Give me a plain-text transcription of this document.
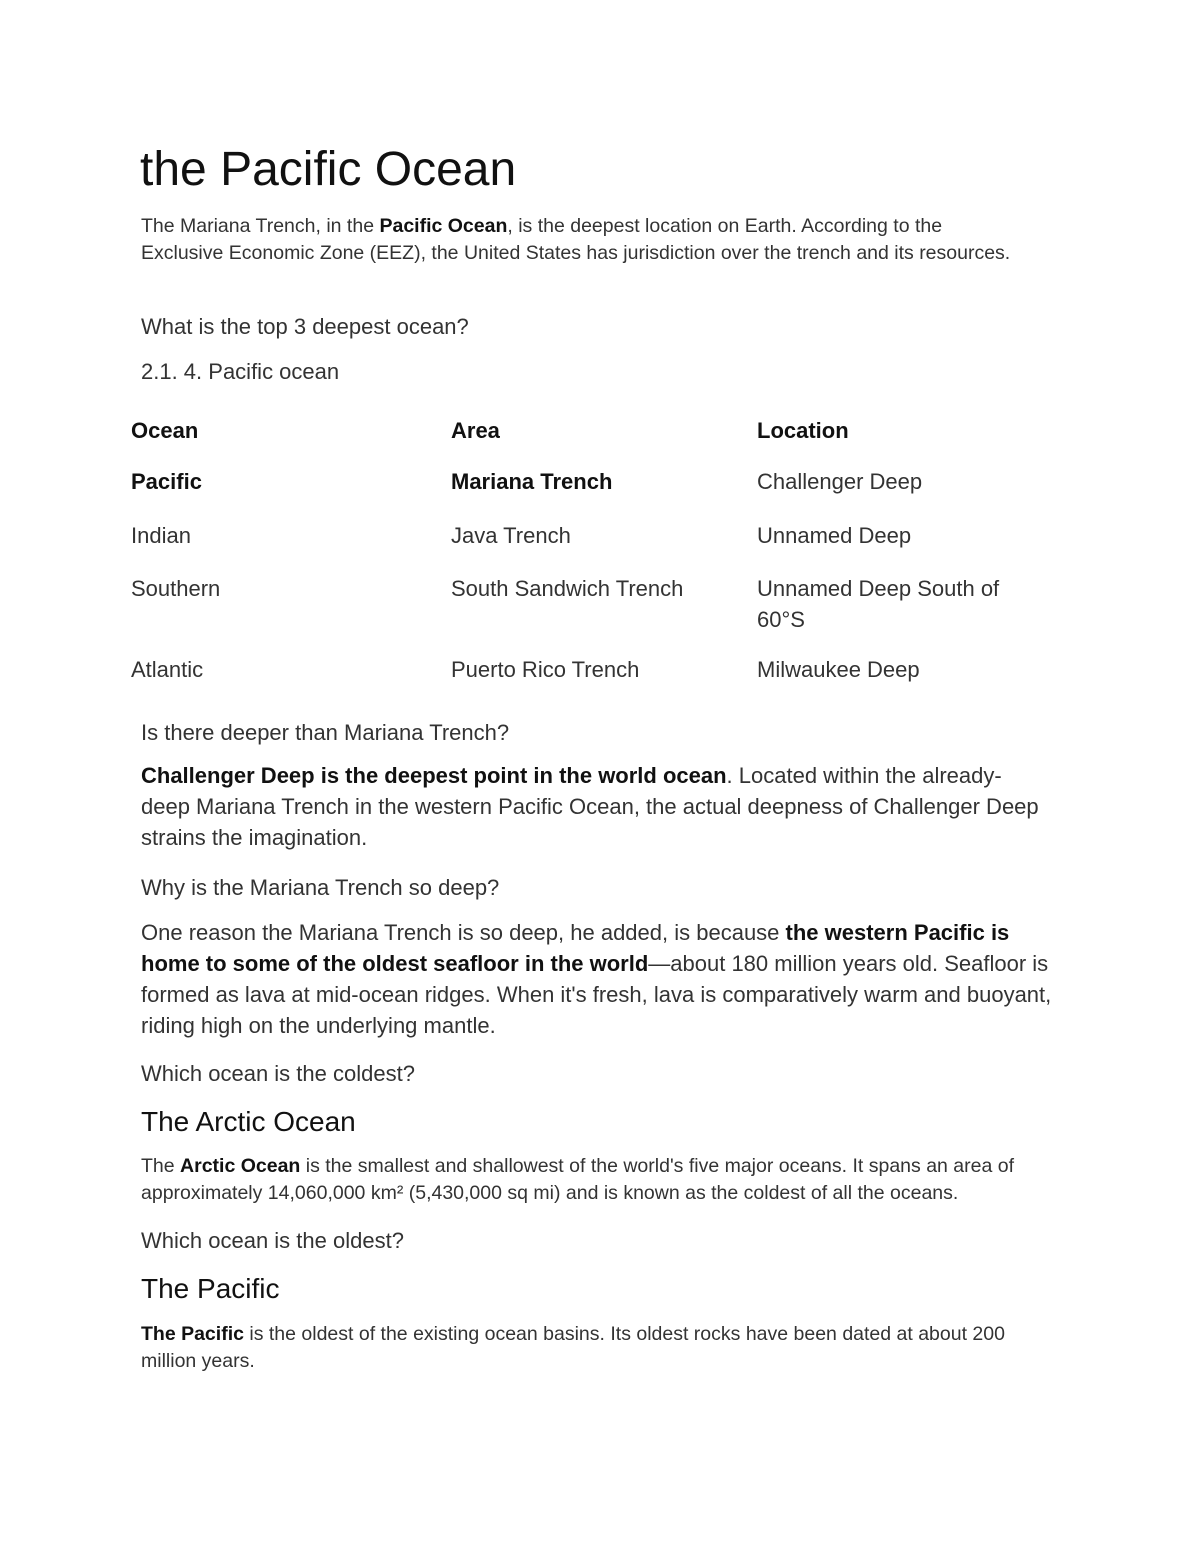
the Pacific Ocean

The Mariana Trench, in the Pacific Ocean, is the deepest location on Earth. According to the Exclusive Economic Zone (EEZ), the United States has jurisdiction over the trench and its resources.

What is the top 3 deepest ocean?

2.1. 4. Pacific ocean

Ocean	Area	Location
Pacific	Mariana Trench	Challenger Deep
Indian	Java Trench	Unnamed Deep
Southern	South Sandwich Trench	Unnamed Deep South of 60°S
Atlantic	Puerto Rico Trench	Milwaukee Deep

Is there deeper than Mariana Trench?

Challenger Deep is the deepest point in the world ocean. Located within the already-deep Mariana Trench in the western Pacific Ocean, the actual deepness of Challenger Deep strains the imagination.

Why is the Mariana Trench so deep?

One reason the Mariana Trench is so deep, he added, is because the western Pacific is home to some of the oldest seafloor in the world—about 180 million years old. Seafloor is formed as lava at mid-ocean ridges. When it's fresh, lava is comparatively warm and buoyant, riding high on the underlying mantle.

Which ocean is the coldest?

The Arctic Ocean

The Arctic Ocean is the smallest and shallowest of the world's five major oceans. It spans an area of approximately 14,060,000 km² (5,430,000 sq mi) and is known as the coldest of all the oceans.

Which ocean is the oldest?

The Pacific

The Pacific is the oldest of the existing ocean basins. Its oldest rocks have been dated at about 200 million years.
